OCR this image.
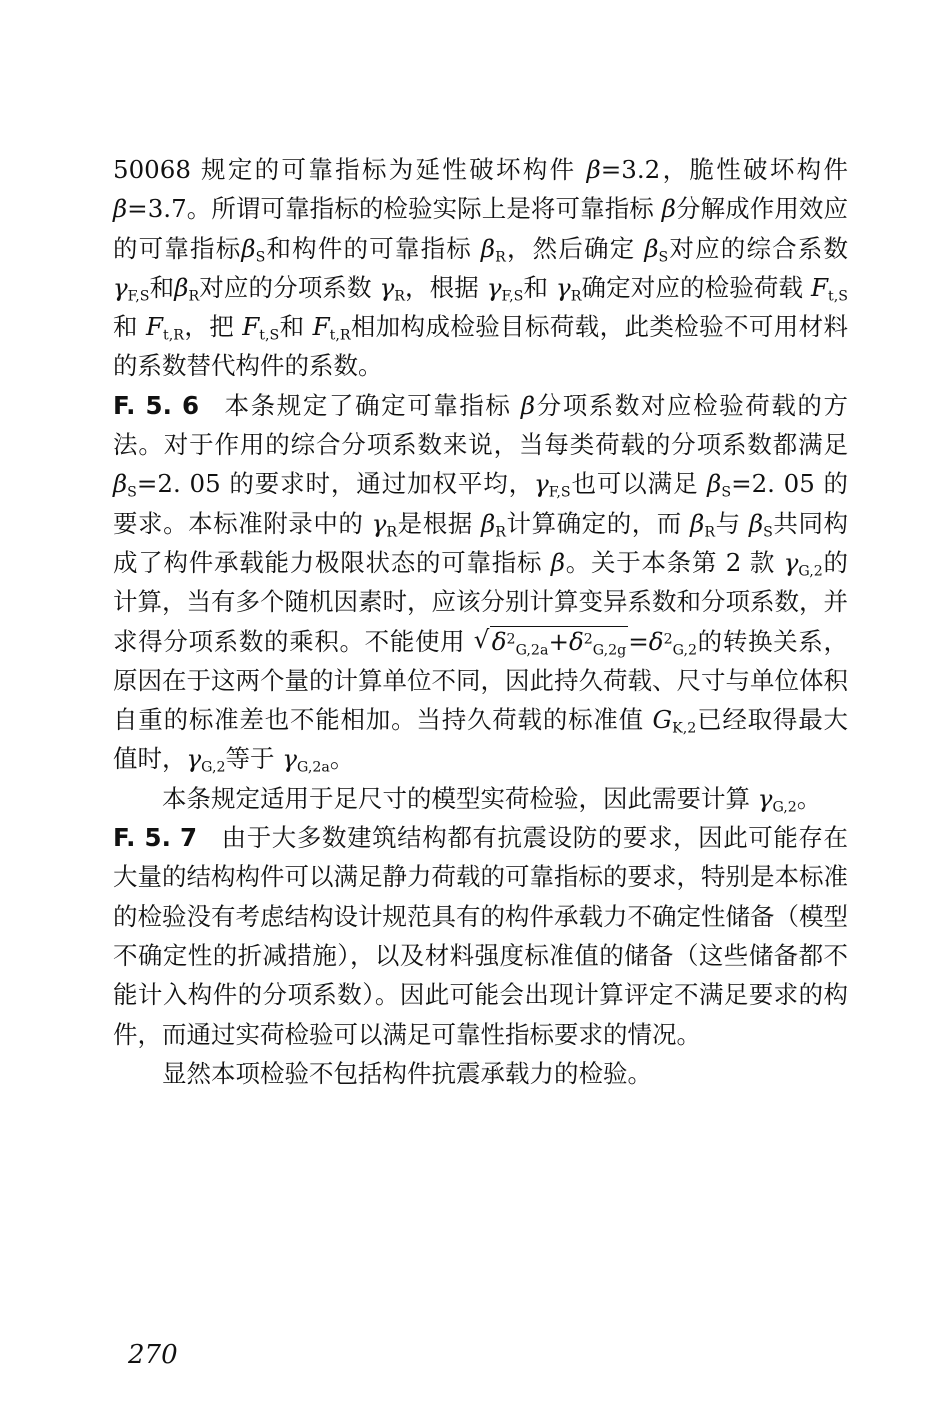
50068 规定的可靠指标为延性破坏构件 β=3.2，脆性破坏构件 β=3.7。所谓可靠指标的检验实际上是将可靠指标 β分解成作用效应的可靠指标$\beta_S$和构件的可靠指标 $\beta_R$，然后确定 $\beta_S$对应的综合系数 $\gamma_{F,S}$和$\beta_R$对应的分项系数 $\gamma_R$，根据 $\gamma_{F,S}$和 $\gamma_R$确定对应的检验荷载 $F_{t,S}$和 $F_{t,R}$，把 $F_{t,S}$和 $F_{t,R}$相加构成检验目标荷载，此类检验不可用材料的系数替代构件的系数。

F. 5. 6 本条规定了确定可靠指标 β分项系数对应检验荷载的方法。对于作用的综合分项系数来说，当每类荷载的分项系数都满足 $\beta_S=2$. 05 的要求时，通过加权平均，$\gamma_{F,S}$也可以满足 $\beta_S=2$. 05 的要求。本标准附录中的 $\gamma_R$是根据 $\beta_R$计算确定的，而 $\beta_R$与 $\beta_S$共同构成了构件承载能力极限状态的可靠指标 β。关于本条第 2 款 $\gamma_{G,2}$的计算，当有多个随机因素时，应该分别计算变异系数和分项系数，并求得分项系数的乘积。不能使用 √ $\delta^2_{G,2a}+\delta^2_{G,2g}=\delta^2_{G,2}$的转换关系，原因在于这两个量的计算单位不同，因此持久荷载、尺寸与单位体积自重的标准差也不能相加。当持久荷载的标准值 $G_{K,2}$已经取得最大值时，$\gamma_{G,2}$等于 $\gamma_{G,2a}$。

本条规定适用于足尺寸的模型实荷检验，因此需要计算 $\gamma_{G,2}$。

F. 5. 7 由于大多数建筑结构都有抗震设防的要求，因此可能存在大量的结构构件可以满足静力荷载的可靠指标的要求，特别是本标准的检验没有考虑结构设计规范具有的构件承载力不确定性储备（模型不确定性的折减措施），以及材料强度标准值的储备（这些储备都不能计入构件的分项系数）。因此可能会出现计算评定不满足要求的构件，而通过实荷检验可以满足可靠性指标要求的情况。

显然本项检验不包括构件抗震承载力的检验。

270
